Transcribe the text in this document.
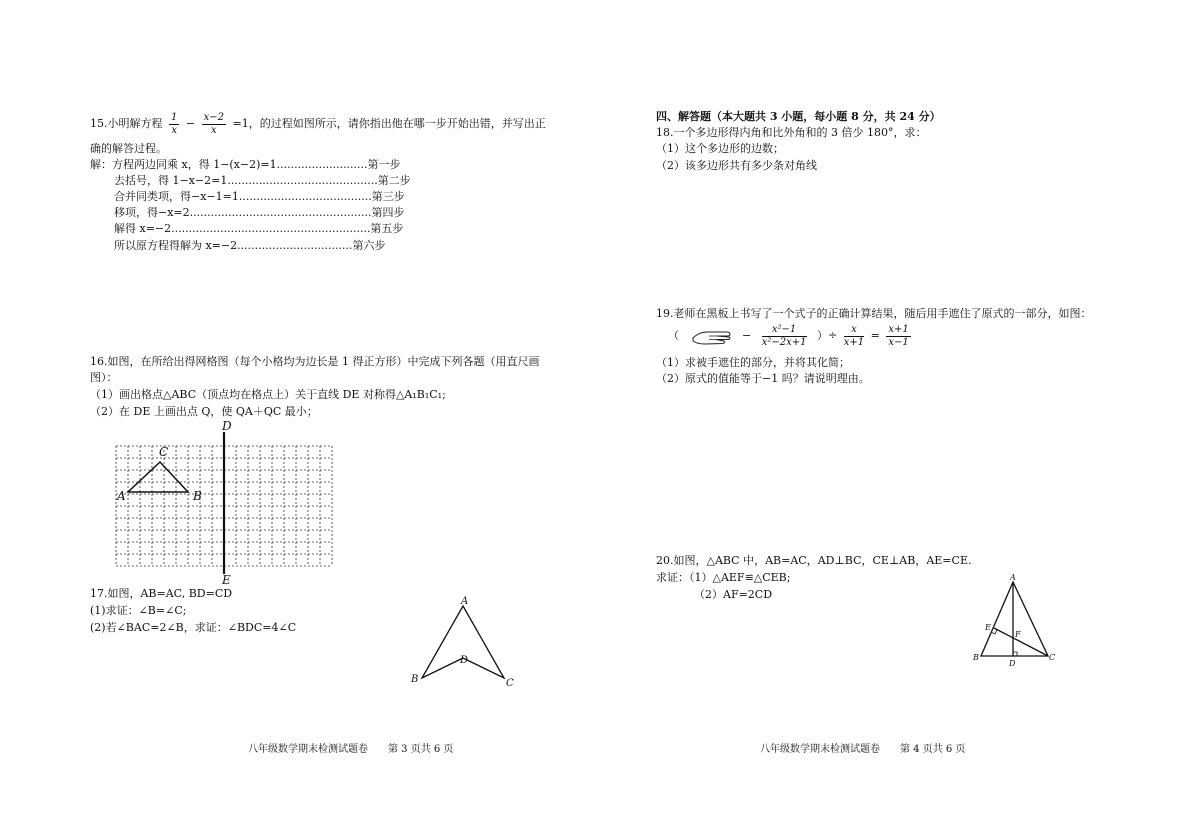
15.小明解方程 $\frac{1}{x} - \frac{x-2}{x} =1$，的过程如图所示，请你指出他在哪一步开始出错，并写出正
确的解答过程。
解：方程两边同乘 x，得 1−(x−2)=1..........................第一步
去括号，得 1−x−2=1...........................................第二步
合并同类项，得−x−1=1......................................第三步
移项，得−x=2....................................................第四步
解得 x=−2.........................................................第五步
所以原方程得解为 x=−2.................................第六步
16.如图，在所给出得网格图（每个小格均为边长是 1 得正方形）中完成下列各题（用直尺画
图）：
（1）画出格点△ABC（顶点均在格点上）关于直线 DE 对称得△A₁B₁C₁;
（2）在 DE 上画出点 Q，使 QA＋QC 最小；
C
A	B
D
E
17.如图，AB=AC, BD=CD
(1)求证：∠B=∠C;
(2)若∠BAC=2∠B，求证：∠BDC=4∠C
A
B	C
D
八年级数学期末检测试题卷　　第 3 页共 6 页
四、解答题（本大题共 3 小题，每小题 8 分，共 24 分）
18.一个多边形得内角和比外角和的 3 倍少 180°，求：
（1）这个多边形的边数；
（2）该多边形共有多少条对角线
19.老师在黑板上书写了一个式子的正确计算结果，随后用手遮住了原式的一部分，如图：
（	− $\frac{\text{x²−1}}{\text{x²−2x+1}}$ ）÷ $\frac{x}{x+1} = \frac{x+1}{x-1}$
（1）求被手遮住的部分，并将其化简；
（2）原式的值能等于−1 吗？请说明理由。
20.如图，△ABC 中，AB=AC，AD⊥BC，CE⊥AB，AE=CE.
求证：（1）△AEF≌△CEB;
（2）AF=2CD
A
B	C
D
E
F
八年级数学期末检测试题卷　　第 4 页共 6 页
